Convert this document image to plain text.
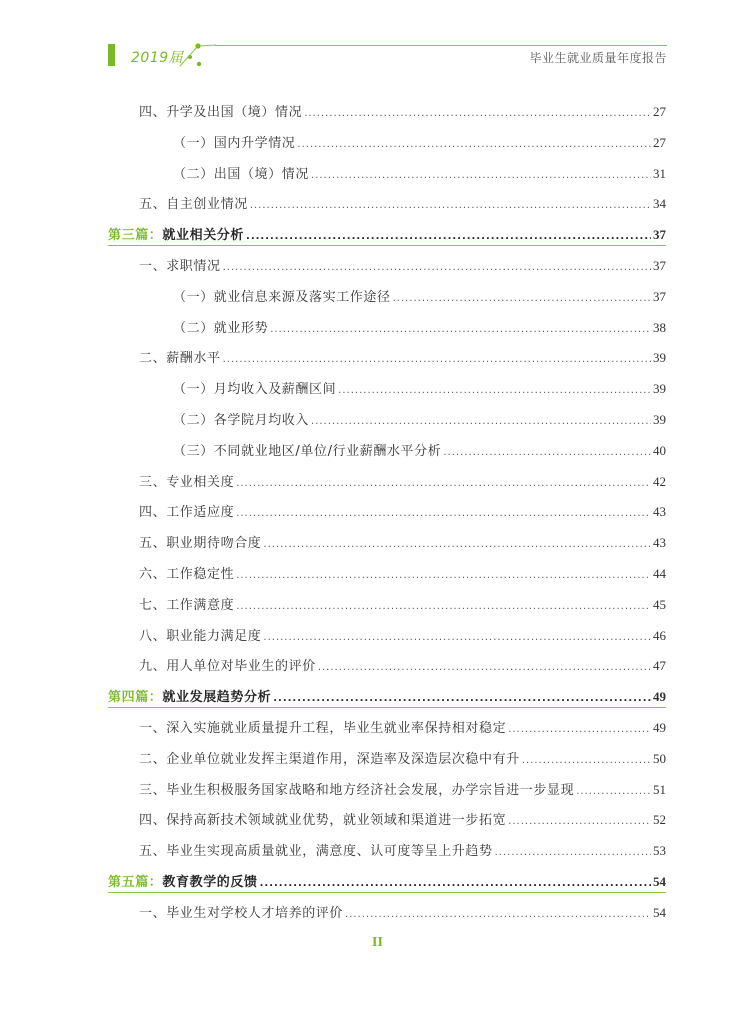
2019届	毕业生就业质量年度报告
四、升学及出国（境）情况 .....	27
（一）国内升学情况 .....	27
（二）出国（境）情况 .....	31
五、自主创业情况 .....	34
第三篇：就业相关分析 .....	37
一、求职情况 .....	37
（一）就业信息来源及落实工作途径 .....	37
（二）就业形势 .....	38
二、薪酬水平 .....	39
（一）月均收入及薪酬区间 .....	39
（二）各学院月均收入 .....	39
（三）不同就业地区/单位/行业薪酬水平分析 .....	40
三、专业相关度 .....	42
四、工作适应度 .....	43
五、职业期待吻合度 .....	43
六、工作稳定性 .....	44
七、工作满意度 .....	45
八、职业能力满足度 .....	46
九、用人单位对毕业生的评价 .....	47
第四篇：就业发展趋势分析 .....	49
一、深入实施就业质量提升工程，毕业生就业率保持相对稳定 .....	49
二、企业单位就业发挥主渠道作用，深造率及深造层次稳中有升 .....	50
三、毕业生积极服务国家战略和地方经济社会发展，办学宗旨进一步显现 .....	51
四、保持高新技术领域就业优势，就业领域和渠道进一步拓宽 .....	52
五、毕业生实现高质量就业，满意度、认可度等呈上升趋势 .....	53
第五篇：教育教学的反馈 .....	54
一、毕业生对学校人才培养的评价 .....	54
II
